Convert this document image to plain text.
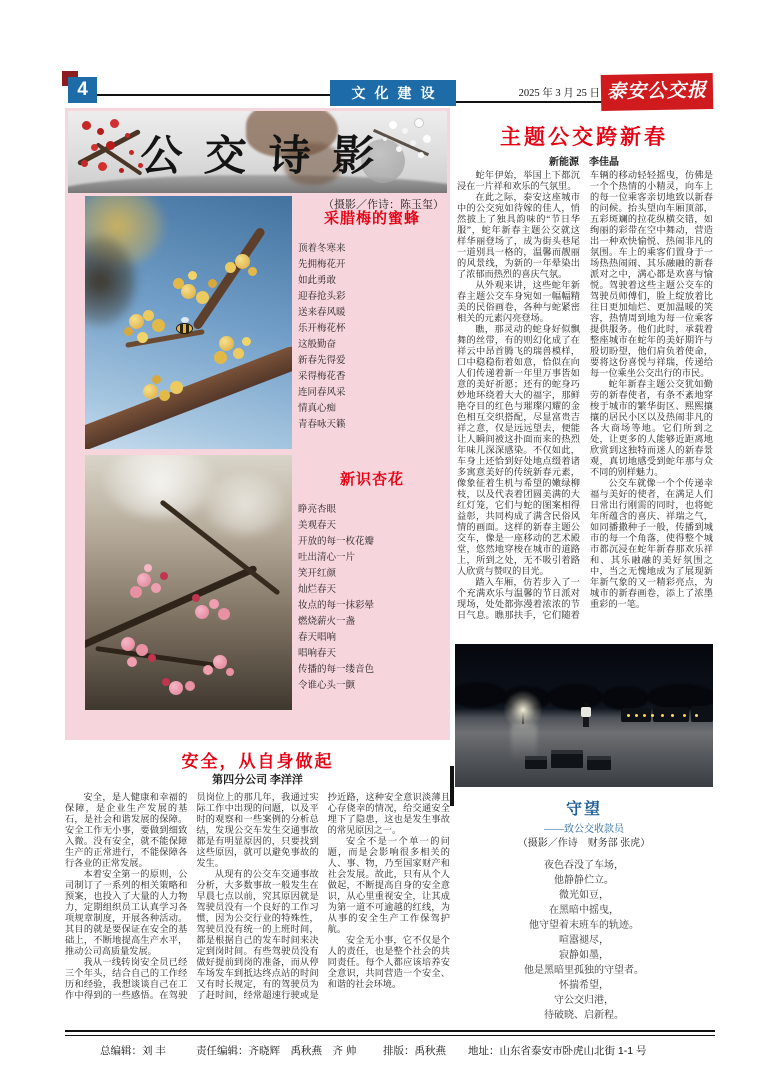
4	文化建设	2025 年 3 月 25 日 泰安公交报
公交诗影
（摄影／作诗：陈玉玺）
采腊梅的蜜蜂
顶着冬寒来
先拥梅花开
如此勇敢
迎春抢头彩
送来春风暖
乐开梅花杯
这般勤奋
新春先得爱
采得梅花香
连同春风采
情真心痴
青春咏天籁
新识杏花
睁亮杏眼
美观春天
开放的每一枚花瓣
吐出清心一片
笑开红颜
灿烂春天
妆点的每一抹彩晕
燃烧薪火一盏
春天唱响
唱响春天
传播的每一缕音色
令谁心头一颤
主题公交跨新春
新能源　李佳晶

蛇年伊始，举国上下都沉浸在一片祥和欢乐的气氛里。

在此之际，泰安这座城市中的公交宛如待嫁的佳人，悄然披上了独具韵味的“节日华服”，蛇年新春主题公交就这样华丽登场了，成为街头巷尾一道别具一格的，温馨而靓丽的风景线，为新的一年晕染出了浓郁而热烈的喜庆气氛。

从外观来讲，这些蛇年新春主题公交车身宛如一幅幅精美的民俗画卷，各种与蛇紧密相关的元素闪亮登场。

瞧，那灵动的蛇身好似飘舞的丝带，有的则幻化成了在祥云中昂首腾飞的瑞兽模样，口中稳稳衔着如意，恰似在向人们传递着新一年里万事皆如意的美好祈愿；还有的蛇身巧妙地环绕着大大的福字，那鲜艳夺目的红色与璀璨闪耀的金色相互交织搭配，尽显富贵吉祥之意，仅是远远望去，便能让人瞬间被这扑面而来的热烈年味儿深深感染。不仅如此，车身上还恰到好处地点缀着诸多寓意美好的传统新春元素，像象征着生机与希望的嫩绿柳枝，以及代表着团圆美满的大红灯笼，它们与蛇的图案相得益彰，共同构成了满含民俗风情的画面。这样的新春主题公交车，像是一座移动的艺术殿堂，悠然地穿梭在城市的道路上，所到之处，无不吸引着路人欣赏与赞叹的目光。

踏入车厢，仿若步入了一个充满欢乐与温馨的节日派对现场，处处都弥漫着浓浓的节日气息。瞧那扶手，它们随着车辆的移动轻轻摇曳，仿佛是一个个热情的小精灵，向车上的每一位乘客亲切地致以新春的问候。抬头望向车厢顶部，五彩斑斓的拉花纵横交错，如绚丽的彩带在空中舞动，营造出一种欢快愉悦、热闹非凡的氛围。车上的乘客们置身于一场热热闹闹、其乐融融的新春派对之中，满心都是欢喜与愉悦。驾驶着这些主题公交车的驾驶员师傅们，脸上绽放着比往日更加灿烂、更加温暖的笑容，热情周到地为每一位乘客提供服务。他们此时，承载着整座城市在蛇年的美好期许与殷切盼望，他们肩负着使命，要将这份喜悦与祥瑞，传递给每一位乘坐公交出行的市民。

蛇年新春主题公交犹如勤劳的新春使者，有条不紊地穿梭于城市的繁华街区、熙熙攘攘的居民小区以及热闹非凡的各大商场等地。它们所到之处，让更多的人能够近距离地欣赏到这独特而迷人的新春景观，真切地感受到蛇年那与众不同的别样魅力。

公交车就像一个个传递幸福与美好的使者，在满足人们日常出行刚需的同时，也将蛇年所蕴含的喜庆、祥瑞之气，如同播撒种子一般，传播到城市的每一个角落，使得整个城市都沉浸在蛇年新春那欢乐祥和、其乐融融的美好氛围之中，当之无愧地成为了展现新年新气象的又一精彩亮点，为城市的新春画卷，添上了浓墨重彩的一笔。

守望
——致公交收款员
（摄影／作诗　财务部 张虎）
夜色吞没了车场，
他静静伫立。
微光如豆，
在黑暗中摇曳，
他守望着末班车的轨迹。
喧嚣褪尽，
寂静如墨，
他是黑暗里孤独的守望者。
怀揣希望，
守公交归港，
待破晓、启新程。
安全，从自身做起
第四分公司 李洋洋

安全，是人健康和幸福的保障，是企业生产发展的基石，是社会和谐发展的保障。安全工作无小事，要做到细致入微。没有安全，就不能保障生产的正常进行，不能保障各行各业的正常发展。

本着安全第一的原则，公司制订了一系列的相关策略和预案，也投入了大量的人力物力，定期组织员工认真学习各项规章制度，开展各种活动。其目的就是要保证在安全的基础上，不断地提高生产水平，推动公司高质量发展。

我从一线转岗安全员已经三个年头，结合自己的工作经历和经验，我想谈谈自己在工作中得到的一些感悟。在驾驶员岗位上的那几年，我通过实际工作中出现的问题，以及平时的观察和一些案例的分析总结，发现公交车发生交通事故都是有明显原因的，只要找到这些原因，就可以避免事故的发生。

从现有的公交车交通事故分析，大多数事故一般发生在早晨七点以前，究其原因就是驾驶员没有一个良好的工作习惯，因为公交行业的特殊性，驾驶员没有统一的上班时间，都是根据自己的发车时间来决定到岗时间。有些驾驶员没有做好提前到岗的准备，而从停车场发车到抵达终点站的时间又有时长规定，有的驾驶员为了赶时间，经常超速行驶或是抄近路，这种安全意识淡薄且心存侥幸的情况，给交通安全埋下了隐患，这也是发生事故的常见原因之一。

安全不是一个单一的问题，而是会影响很多相关的人、事、物，乃至国家财产和社会发展。故此，只有从个人做起，不断提高自身的安全意识，从心里重视安全，让其成为第一道不可逾越的红线，为从事的安全生产工作保驾护航。

安全无小事，它不仅是个人的责任，也是整个社会的共同责任。每个人都应该培养安全意识，共同营造一个安全、和谐的社会环境。

总编辑：刘 丰	责任编辑：齐晓辉　禹秋燕　齐 帅	排版：禹秋燕 地址：山东省泰安市卧虎山北街 1-1 号
